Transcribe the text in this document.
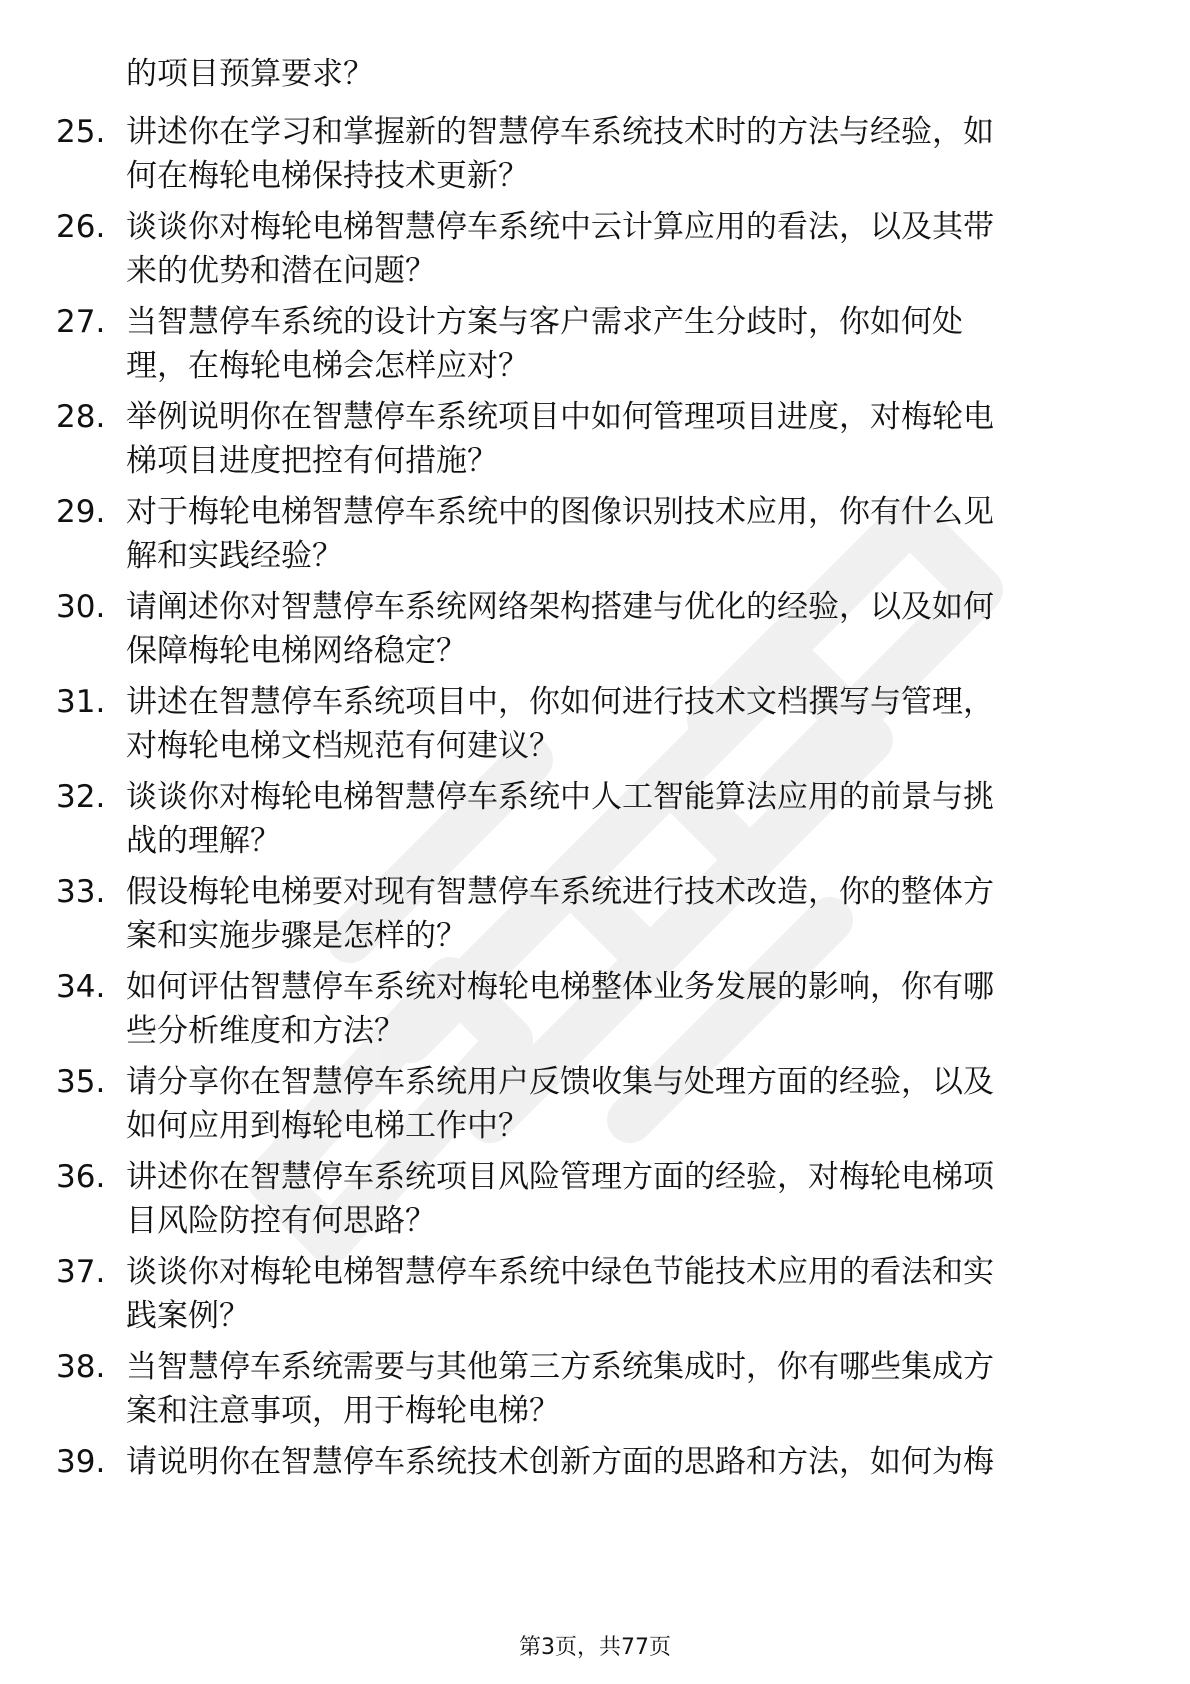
的项目预算要求？
25. 讲述你在学习和掌握新的智慧停车系统技术时的方法与经验，如
何在梅轮电梯保持技术更新？
26. 谈谈你对梅轮电梯智慧停车系统中云计算应用的看法，以及其带
来的优势和潜在问题？
27. 当智慧停车系统的设计方案与客户需求产生分歧时，你如何处
理，在梅轮电梯会怎样应对？
28. 举例说明你在智慧停车系统项目中如何管理项目进度，对梅轮电
梯项目进度把控有何措施？
29. 对于梅轮电梯智慧停车系统中的图像识别技术应用，你有什么见
解和实践经验？
30. 请阐述你对智慧停车系统网络架构搭建与优化的经验，以及如何
保障梅轮电梯网络稳定？
31. 讲述在智慧停车系统项目中，你如何进行技术文档撰写与管理，
对梅轮电梯文档规范有何建议？
32. 谈谈你对梅轮电梯智慧停车系统中人工智能算法应用的前景与挑
战的理解？
33. 假设梅轮电梯要对现有智慧停车系统进行技术改造，你的整体方
案和实施步骤是怎样的？
34. 如何评估智慧停车系统对梅轮电梯整体业务发展的影响，你有哪
些分析维度和方法？
35. 请分享你在智慧停车系统用户反馈收集与处理方面的经验，以及
如何应用到梅轮电梯工作中？
36. 讲述你在智慧停车系统项目风险管理方面的经验，对梅轮电梯项
目风险防控有何思路？
37. 谈谈你对梅轮电梯智慧停车系统中绿色节能技术应用的看法和实
践案例？
38. 当智慧停车系统需要与其他第三方系统集成时，你有哪些集成方
案和注意事项，用于梅轮电梯？
39. 请说明你在智慧停车系统技术创新方面的思路和方法，如何为梅
第3页，共77页
